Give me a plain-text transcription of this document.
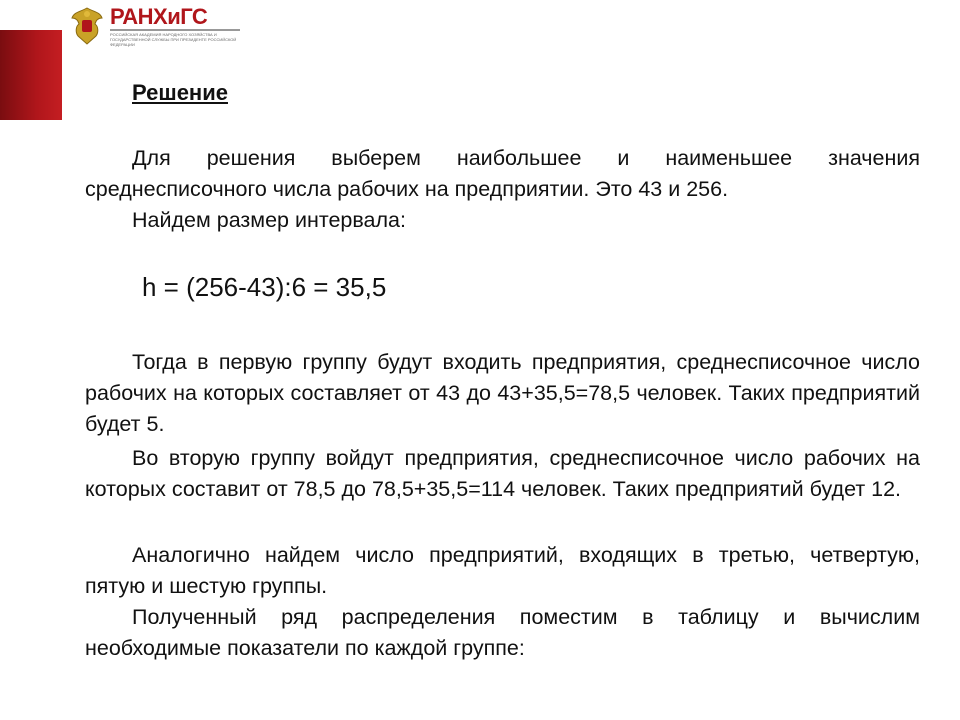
РАНХиГС
РОССИЙСКАЯ АКАДЕМИЯ НАРОДНОГО ХОЗЯЙСТВА И ГОСУДАРСТВЕННОЙ СЛУЖБЫ ПРИ ПРЕЗИДЕНТЕ РОССИЙСКОЙ ФЕДЕРАЦИИ
Решение
Для решения выберем наибольшее и наименьшее значения среднесписочного числа рабочих на предприятии. Это 43 и 256.
Найдем размер интервала:
h = (256-43):6 = 35,5
Тогда в первую группу будут входить предприятия, среднесписочное число рабочих на которых составляет от 43 до 43+35,5=78,5 человек. Таких предприятий будет 5.
Во вторую группу войдут предприятия, среднесписочное число рабочих на которых составит от 78,5 до 78,5+35,5=114 человек. Таких предприятий будет 12.
Аналогично найдем число предприятий, входящих в третью, четвертую, пятую и шестую группы.
Полученный ряд распределения поместим в таблицу и вычислим необходимые показатели по каждой группе:
